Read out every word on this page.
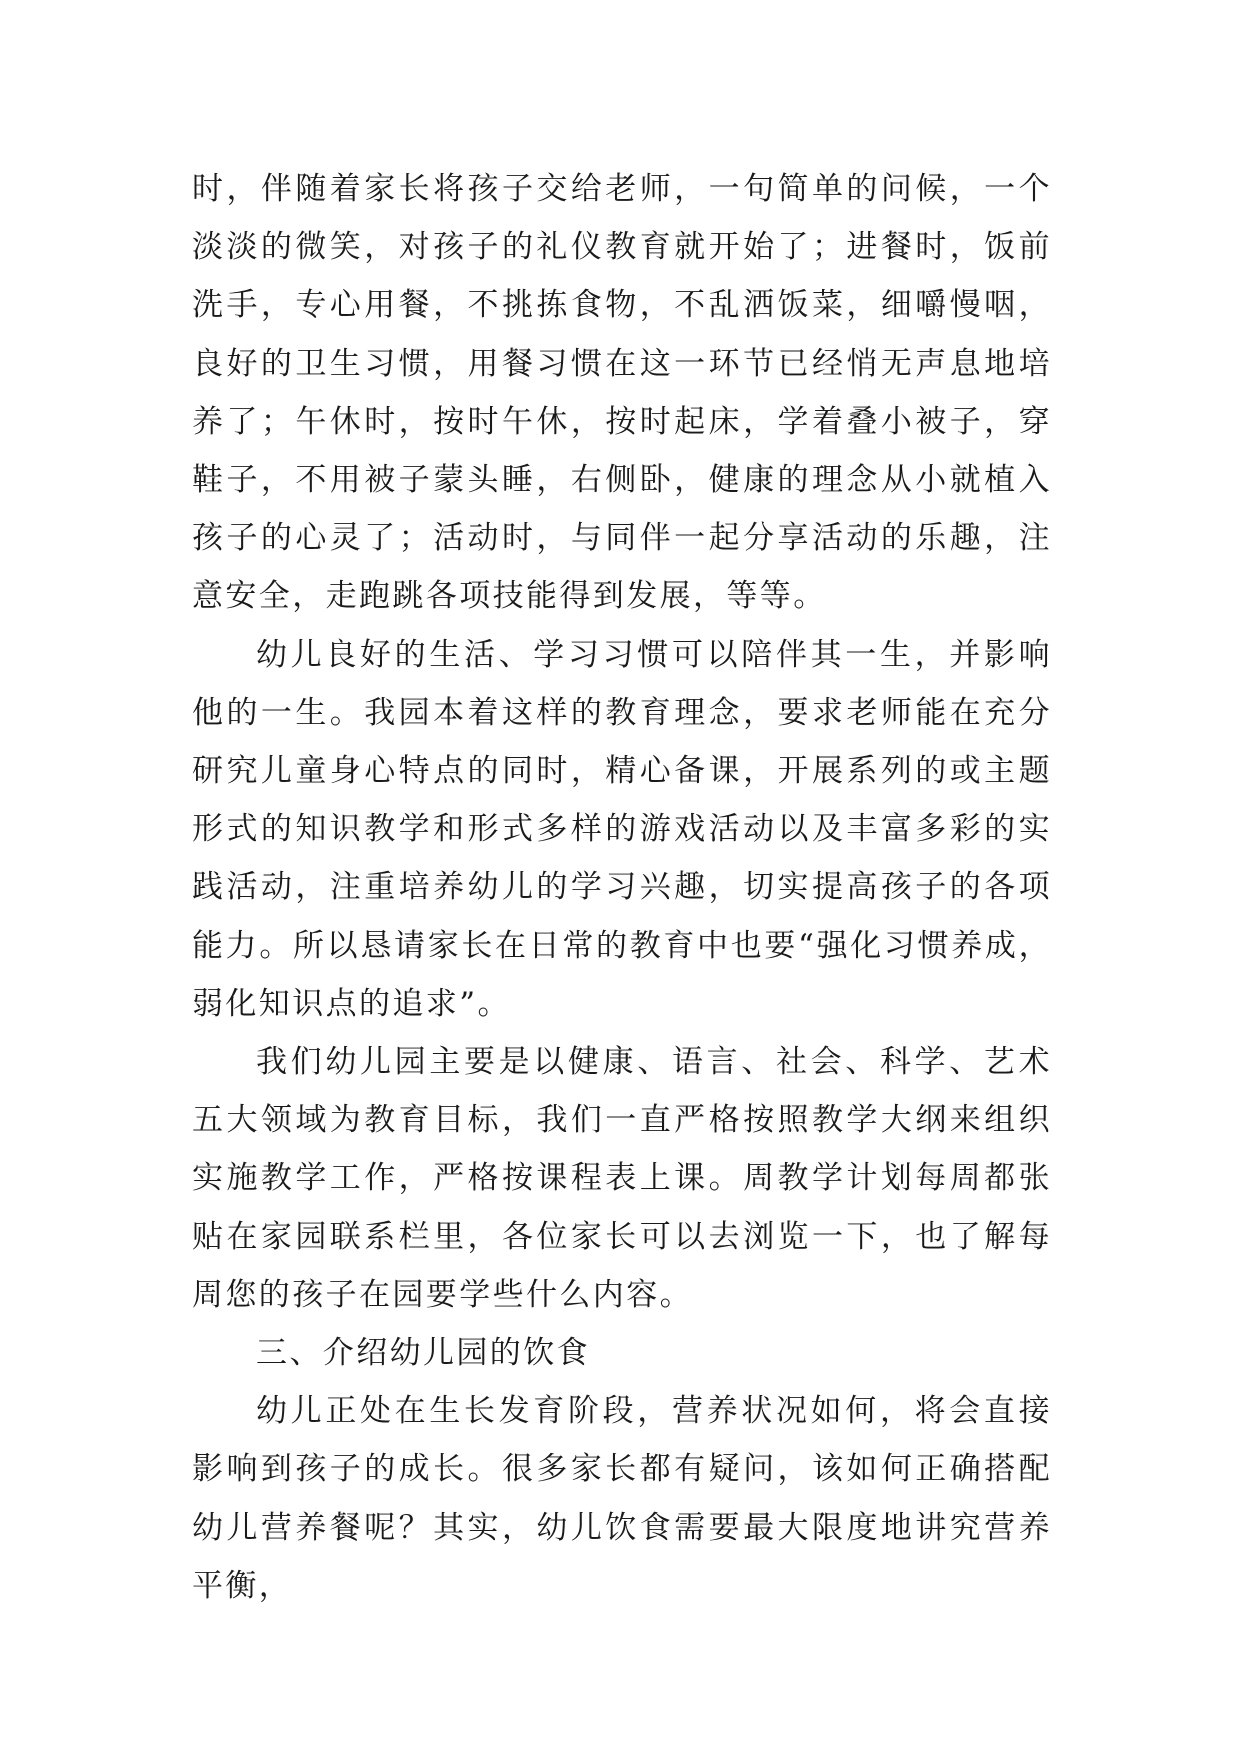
时，伴随着家长将孩子交给老师，一句简单的问候，一个淡淡的微笑，对孩子的礼仪教育就开始了；进餐时，饭前洗手，专心用餐，不挑拣食物，不乱洒饭菜，细嚼慢咽，良好的卫生习惯，用餐习惯在这一环节已经悄无声息地培养了；午休时，按时午休，按时起床，学着叠小被子，穿鞋子，不用被子蒙头睡，右侧卧，健康的理念从小就植入孩子的心灵了；活动时，与同伴一起分享活动的乐趣，注意安全，走跑跳各项技能得到发展，等等。

幼儿良好的生活、学习习惯可以陪伴其一生，并影响他的一生。我园本着这样的教育理念，要求老师能在充分研究儿童身心特点的同时，精心备课，开展系列的或主题形式的知识教学和形式多样的游戏活动以及丰富多彩的实践活动，注重培养幼儿的学习兴趣，切实提高孩子的各项能力。所以恳请家长在日常的教育中也要“强化习惯养成，弱化知识点的追求”。

我们幼儿园主要是以健康、语言、社会、科学、艺术五大领域为教育目标，我们一直严格按照教学大纲来组织实施教学工作，严格按课程表上课。周教学计划每周都张贴在家园联系栏里，各位家长可以去浏览一下，也了解每周您的孩子在园要学些什么内容。

三、介绍幼儿园的饮食

幼儿正处在生长发育阶段，营养状况如何，将会直接影响到孩子的成长。很多家长都有疑问，该如何正确搭配幼儿营养餐呢？其实，幼儿饮食需要最大限度地讲究营养平衡，
